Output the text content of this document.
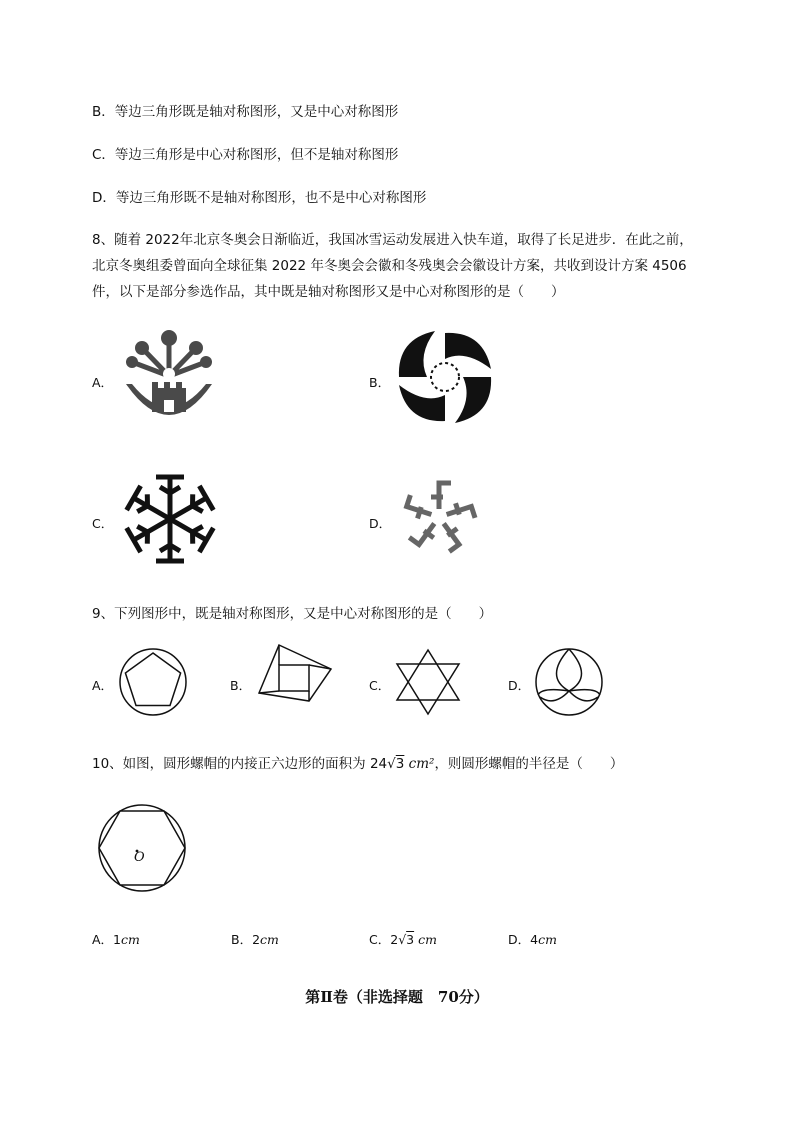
B．等边三角形既是轴对称图形，又是中心对称图形
C．等边三角形是中心对称图形，但不是轴对称图形
D．等边三角形既不是轴对称图形，也不是中心对称图形
8、随着 2022年北京冬奥会日渐临近，我国冰雪运动发展进入快车道，取得了长足进步．在此之前，
北京冬奥组委曾面向全球征集 2022 年冬奥会会徽和冬残奥会会徽设计方案，共收到设计方案 4506
件，以下是部分参选作品，其中既是轴对称图形又是中心对称图形的是（　　）
A．	B．
C．	D．
9、下列图形中，既是轴对称图形，又是中心对称图形的是（　　）
A．	B．	C．	D．
10、如图，圆形螺帽的内接正六边形的面积为 24√3 cm²，则圆形螺帽的半径是（　　）
O
A．1cm	B．2cm	C．2√3 cm	D．4cm
第Ⅱ卷（非选择题　70分）
